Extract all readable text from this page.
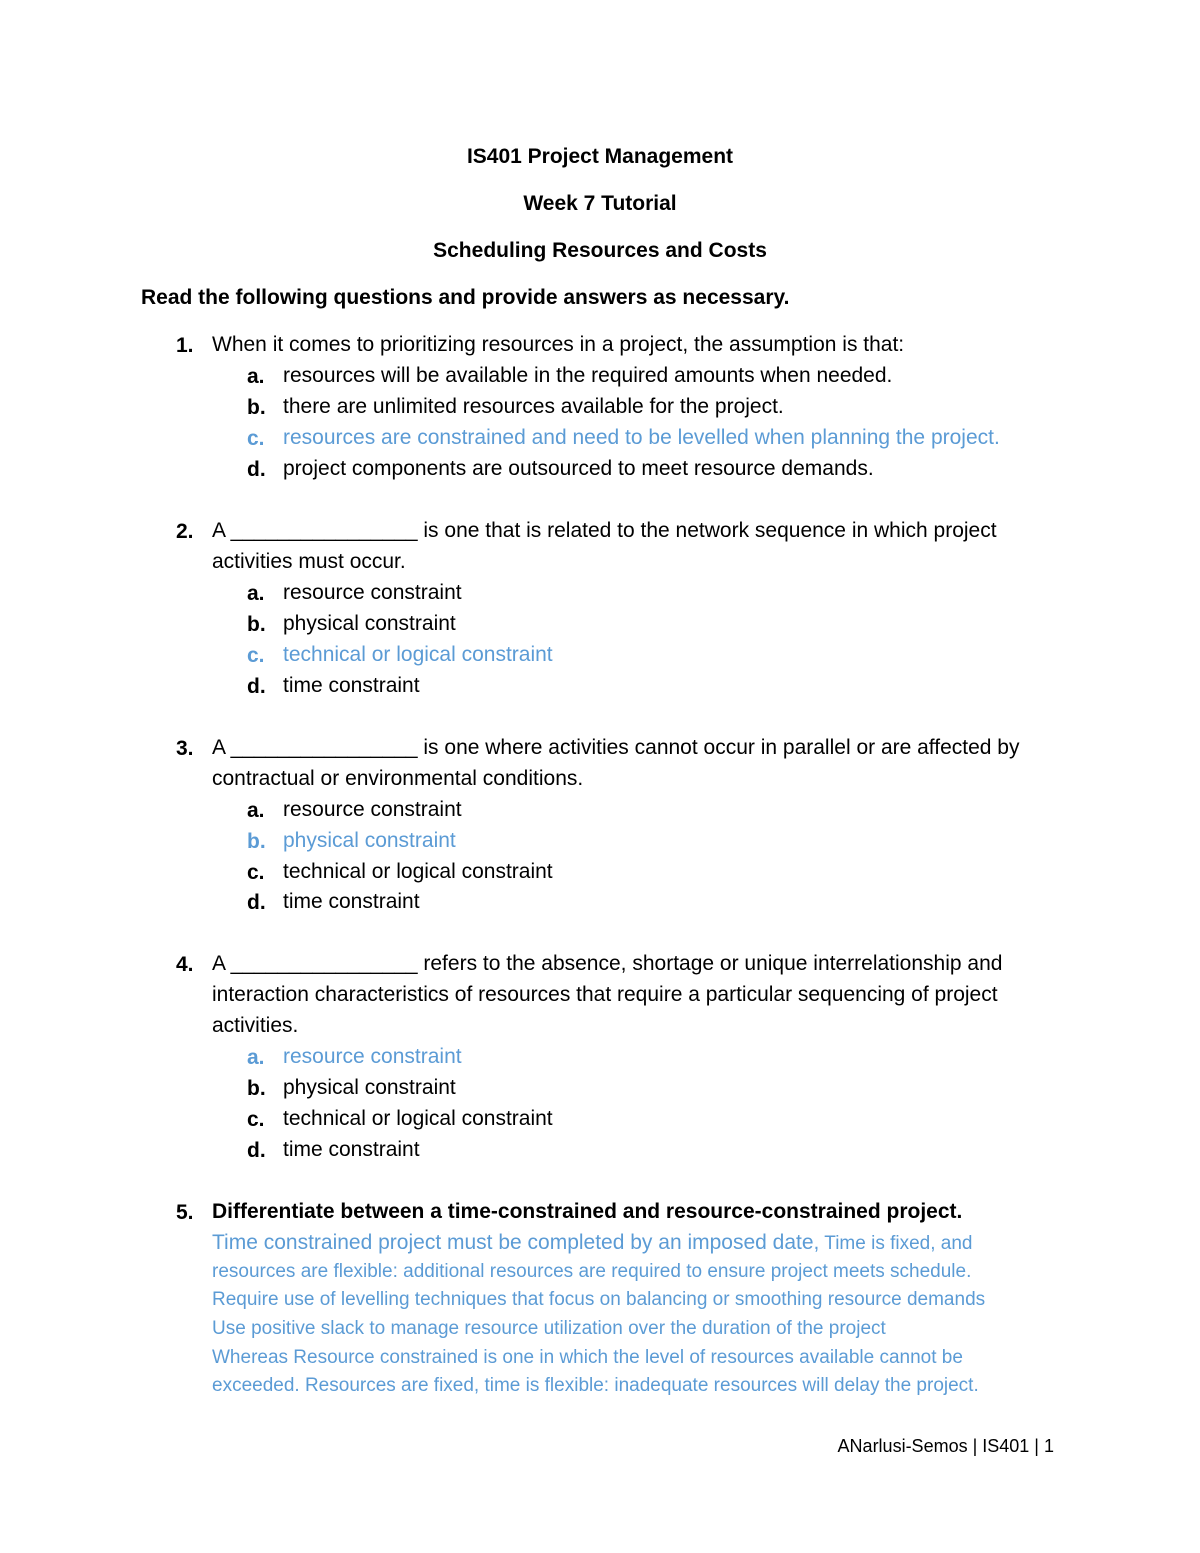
IS401 Project Management
Week 7 Tutorial
Scheduling Resources and Costs
Read the following questions and provide answers as necessary.
1. When it comes to prioritizing resources in a project, the assumption is that:
a. resources will be available in the required amounts when needed.
b. there are unlimited resources available for the project.
c. resources are constrained and need to be levelled when planning the project.
d. project components are outsourced to meet resource demands.
2. A ________________ is one that is related to the network sequence in which project
activities must occur.
a. resource constraint
b. physical constraint
c. technical or logical constraint
d. time constraint
3. A ________________ is one where activities cannot occur in parallel or are affected by
contractual or environmental conditions.
a. resource constraint
b. physical constraint
c. technical or logical constraint
d. time constraint
4. A ________________ refers to the absence, shortage or unique interrelationship and
interaction characteristics of resources that require a particular sequencing of project
activities.
a. resource constraint
b. physical constraint
c. technical or logical constraint
d. time constraint
5. Differentiate between a time-constrained and resource-constrained project.
Time constrained project must be completed by an imposed date, Time is fixed, and
resources are flexible: additional resources are required to ensure project meets schedule.
Require use of levelling techniques that focus on balancing or smoothing resource demands
Use positive slack to manage resource utilization over the duration of the project
Whereas Resource constrained is one in which the level of resources available cannot be
exceeded. Resources are fixed, time is flexible: inadequate resources will delay the project.
ANarlusi-Semos | IS401 | 1
